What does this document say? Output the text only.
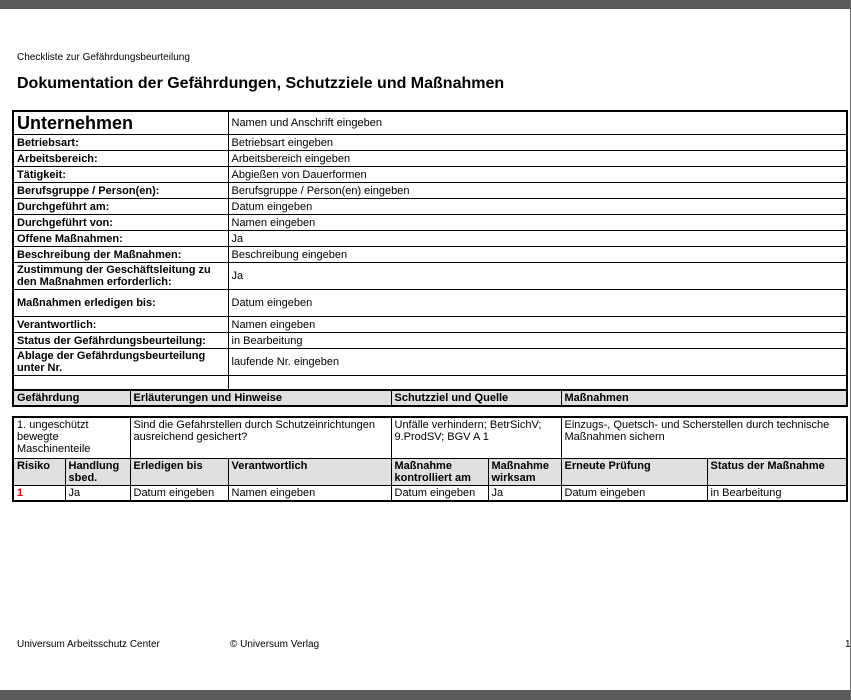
Checkliste zur Gefährdungsbeurteilung
Dokumentation der Gefährdungen, Schutzziele und Maßnahmen
Unternehmen	Namen und Anschrift eingeben
Betriebsart:	Betriebsart eingeben
Arbeitsbereich:	Arbeitsbereich eingeben
Tätigkeit:	Abgießen von Dauerformen
Berufsgruppe / Person(en):	Berufsgruppe / Person(en) eingeben
Durchgeführt am:	Datum eingeben
Durchgeführt von:	Namen eingeben
Offene Maßnahmen:	Ja
Beschreibung der Maßnahmen:	Beschreibung eingeben
Zustimmung der Geschäftsleitung zu den Maßnahmen erforderlich:	Ja
Maßnahmen erledigen bis:	Datum eingeben
Verantwortlich:	Namen eingeben
Status der Gefährdungsbeurteilung:	in Bearbeitung
Ablage der Gefährdungsbeurteilung unter Nr.	laufende Nr. eingeben

Gefährdung	Erläuterungen und Hinweise	Schutzziel und Quelle	Maßnahmen
1. ungeschützt bewegte Maschinenteile		Sind die Gefahrstellen durch Schutzeinrichtungen ausreichend gesichert?		Unfälle verhindern; BetrSichV; 9.ProdSV; BGV A 1		Einzugs-, Quetsch- und Scherstellen durch technische Maßnahmen sichern	
Risiko	Handlung sbed.	Erledigen bis	Verantwortlich	Maßnahme kontrolliert am	Maßnahme wirksam	Erneute Prüfung	Status der Maßnahme
1	Ja	Datum eingeben	Namen eingeben	Datum eingeben	Ja	Datum eingeben	in Bearbeitung
Universum Arbeitsschutz Center	© Universum Verlag	1
